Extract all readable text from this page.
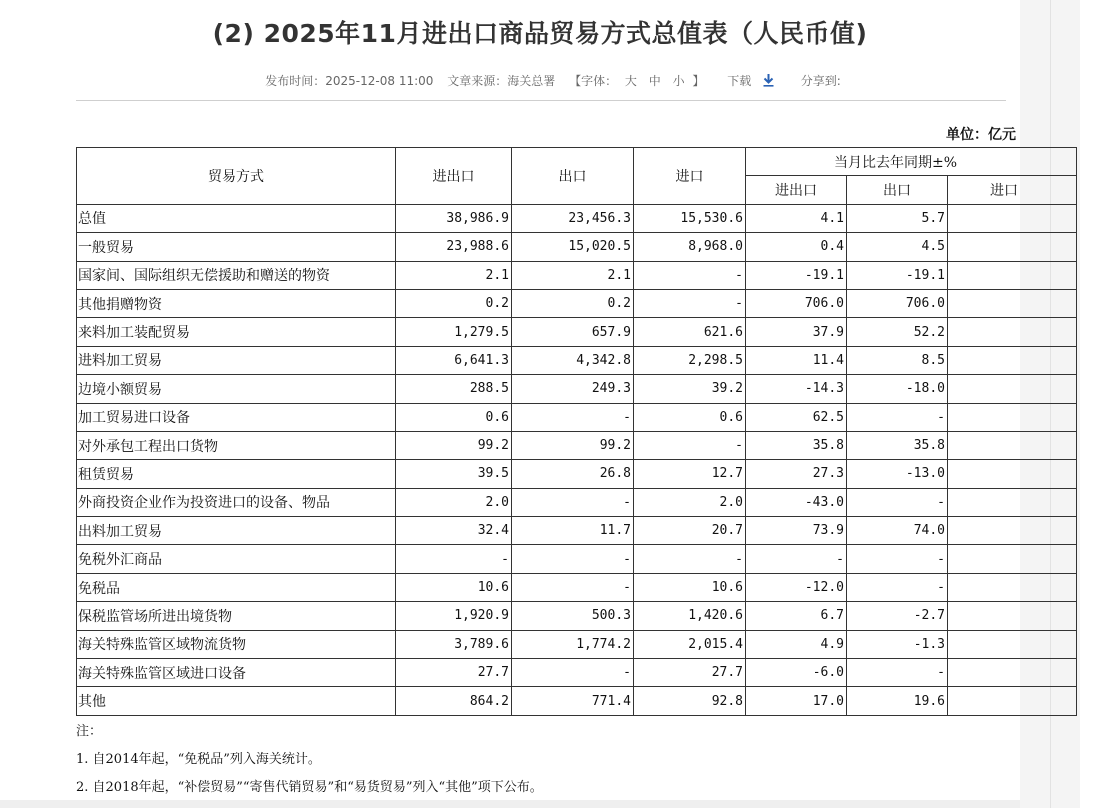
(2) 2025年11月进出口商品贸易方式总值表（人民币值)
发布时间：2025-12-08 11:00 文章来源：海关总署 【字体： 大 中 小 】 下载	分享到:
单位：亿元
贸易方式	进出口	出口	进口	当月比去年同期±%		
				进出口	出口	进口
总值	38,986.9	23,456.3	15,530.6	4.1	5.7	
一般贸易	23,988.6	15,020.5	8,968.0	0.4	4.5	
国家间、国际组织无偿援助和赠送的物资	2.1	2.1	-	-19.1	-19.1	
其他捐赠物资	0.2	0.2	-	706.0	706.0	
来料加工装配贸易	1,279.5	657.9	621.6	37.9	52.2	
进料加工贸易	6,641.3	4,342.8	2,298.5	11.4	8.5	
边境小额贸易	288.5	249.3	39.2	-14.3	-18.0	
加工贸易进口设备	0.6	-	0.6	62.5	-	
对外承包工程出口货物	99.2	99.2	-	35.8	35.8	
租赁贸易	39.5	26.8	12.7	27.3	-13.0	
外商投资企业作为投资进口的设备、物品	2.0	-	2.0	-43.0	-	
出料加工贸易	32.4	11.7	20.7	73.9	74.0	
免税外汇商品	-	-	-	-	-	
免税品	10.6	-	10.6	-12.0	-	
保税监管场所进出境货物	1,920.9	500.3	1,420.6	6.7	-2.7	
海关特殊监管区域物流货物	3,789.6	1,774.2	2,015.4	4.9	-1.3	
海关特殊监管区域进口设备	27.7	-	27.7	-6.0	-	
其他	864.2	771.4	92.8	17.0	19.6	
注：
1. 自2014年起，“免税品”列入海关统计。
2. 自2018年起，“补偿贸易”“寄售代销贸易”和“易货贸易”列入“其他”项下公布。
